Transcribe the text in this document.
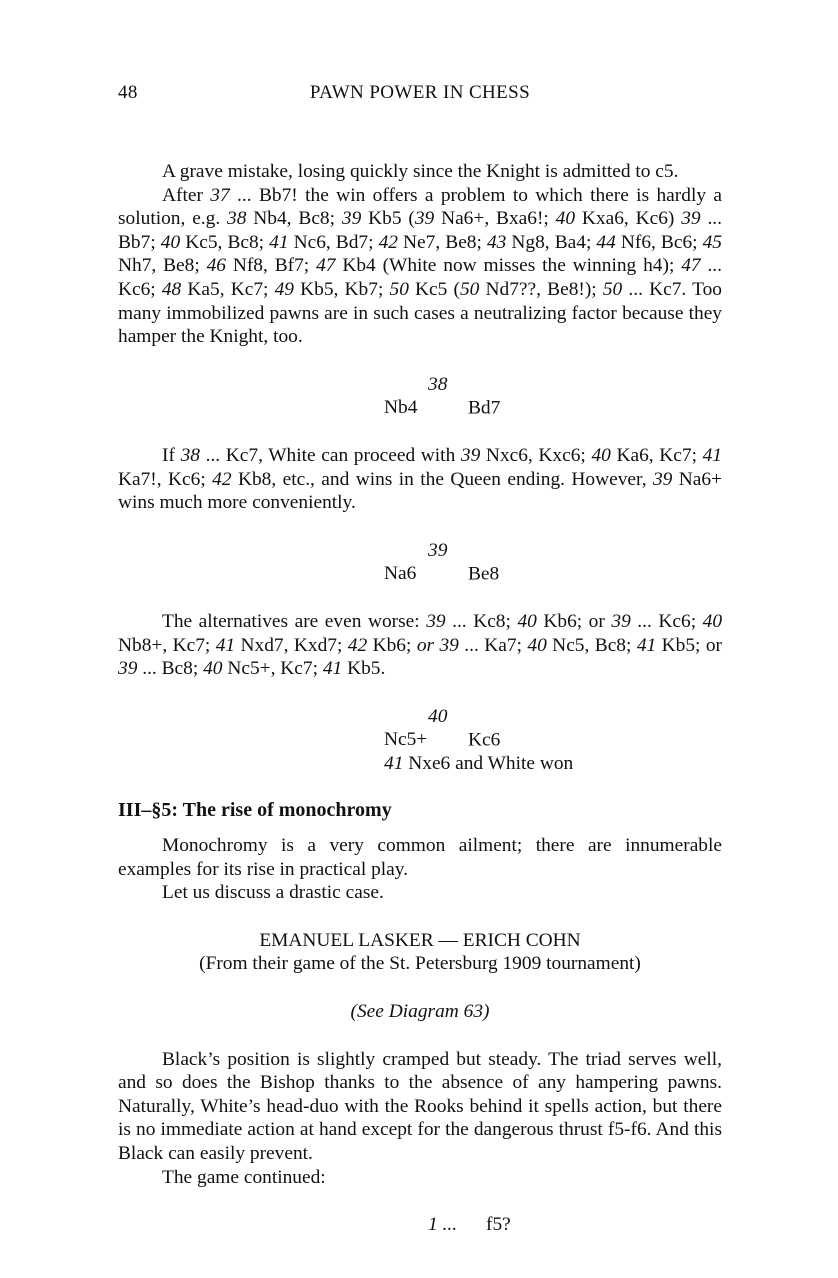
48	PAWN POWER IN CHESS

A grave mistake, losing quickly since the Knight is admitted to c5.

After 37 ... Bb7! the win offers a problem to which there is hardly a solution, e.g. 38 Nb4, Bc8; 39 Kb5 (39 Na6+, Bxa6!; 40 Kxa6, Kc6) 39 ... Bb7; 40 Kc5, Bc8; 41 Nc6, Bd7; 42 Ne7, Be8; 43 Ng8, Ba4; 44 Nf6, Bc6; 45 Nh7, Be8; 46 Nf8, Bf7; 47 Kb4 (White now misses the winning h4); 47 ... Kc6; 48 Ka5, Kc7; 49 Kb5, Kb7; 50 Kc5 (50 Nd7??, Be8!); 50 ... Kc7. Too many immobilized pawns are in such cases a neutralizing factor because they hamper the Knight, too.

38 Nb4	Bd7

If 38 ... Kc7, White can proceed with 39 Nxc6, Kxc6; 40 Ka6, Kc7; 41 Ka7!, Kc6; 42 Kb8, etc., and wins in the Queen ending. However, 39 Na6+ wins much more conveniently.

39 Na6	Be8

The alternatives are even worse: 39 ... Kc8; 40 Kb6; or 39 ... Kc6; 40 Nb8+, Kc7; 41 Nxd7, Kxd7; 42 Kb6; or 39 ... Ka7; 40 Nc5, Bc8; 41 Kb5; or 39 ... Bc8; 40 Nc5+, Kc7; 41 Kb5.

40 Nc5+ Kc6

41 Nxe6 and White won

III–§5: The rise of monochromy

Monochromy is a very common ailment; there are innumerable examples for its rise in practical play.

Let us discuss a drastic case.

EMANUEL LASKER — ERICH COHN

(From their game of the St. Petersburg 1909 tournament)

(See Diagram 63)

Black’s position is slightly cramped but steady. The triad serves well, and so does the Bishop thanks to the absence of any hampering pawns. Naturally, White’s head-duo with the Rooks behind it spells action, but there is no immediate action at hand except for the dangerous thrust f5-f6. And this Black can easily prevent.

The game continued:

1 ... f5?
